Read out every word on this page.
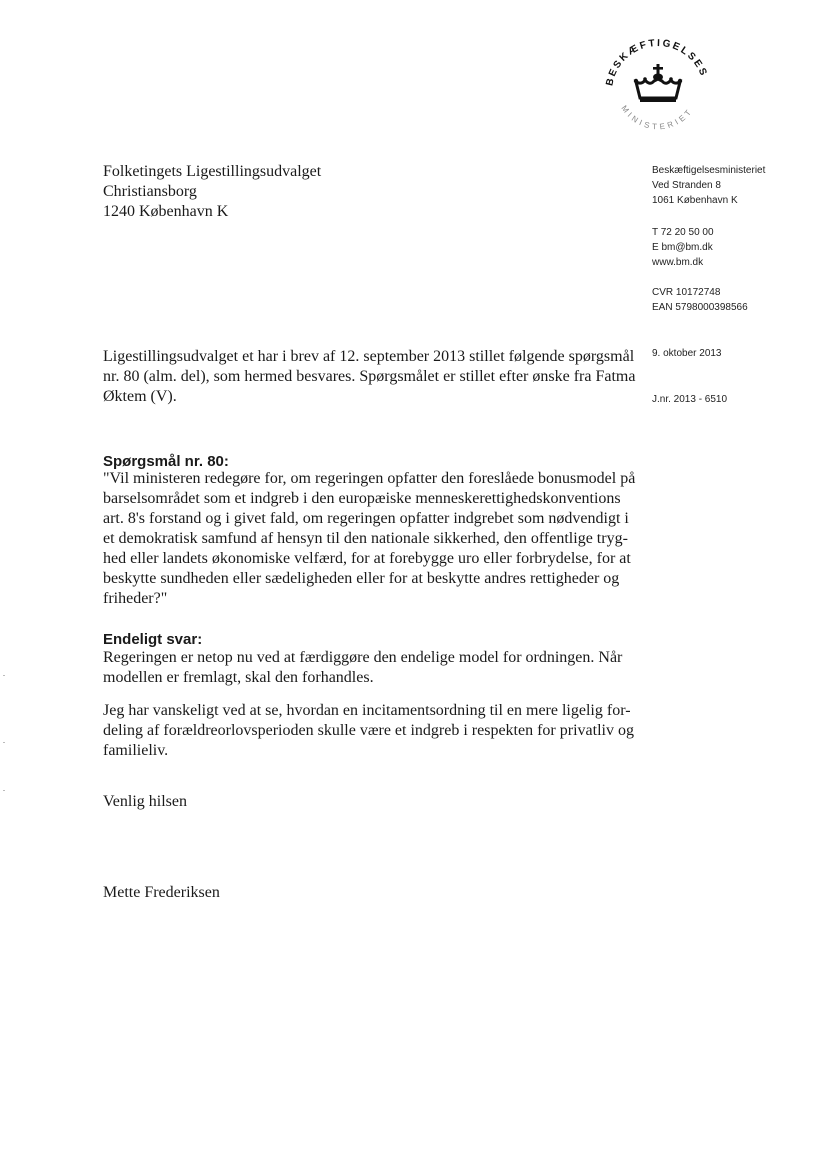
BESKÆFTIGELSES
MINISTERIET
Folketingets Ligestillingsudvalget
Christiansborg
1240 København K
Beskæftigelsesministeriet
Ved Stranden 8
1061 København K
T 72 20 50 00
E bm@bm.dk
www.bm.dk
CVR 10172748
EAN 5798000398566
9. oktober 2013
J.nr. 2013 - 6510
Ligestillingsudvalget et har i brev af 12. september 2013 stillet følgende spørgsmål
nr. 80 (alm. del), som hermed besvares. Spørgsmålet er stillet efter ønske fra Fatma
Øktem (V).
Spørgsmål nr. 80:
"Vil ministeren redegøre for, om regeringen opfatter den foreslåede bonusmodel på
barselsområdet som et indgreb i den europæiske menneskerettighedskonventions
art. 8's forstand og i givet fald, om regeringen opfatter indgrebet som nødvendigt i
et demokratisk samfund af hensyn til den nationale sikkerhed, den offentlige tryg-
hed eller landets økonomiske velfærd, for at forebygge uro eller forbrydelse, for at
beskytte sundheden eller sædeligheden eller for at beskytte andres rettigheder og
friheder?"
Endeligt svar:
Regeringen er netop nu ved at færdiggøre den endelige model for ordningen. Når
modellen er fremlagt, skal den forhandles.
Jeg har vanskeligt ved at se, hvordan en incitamentsordning til en mere ligelig for-
deling af forældreorlovsperioden skulle være et indgreb i respekten for privatliv og
familieliv.
Venlig hilsen
Mette Frederiksen
